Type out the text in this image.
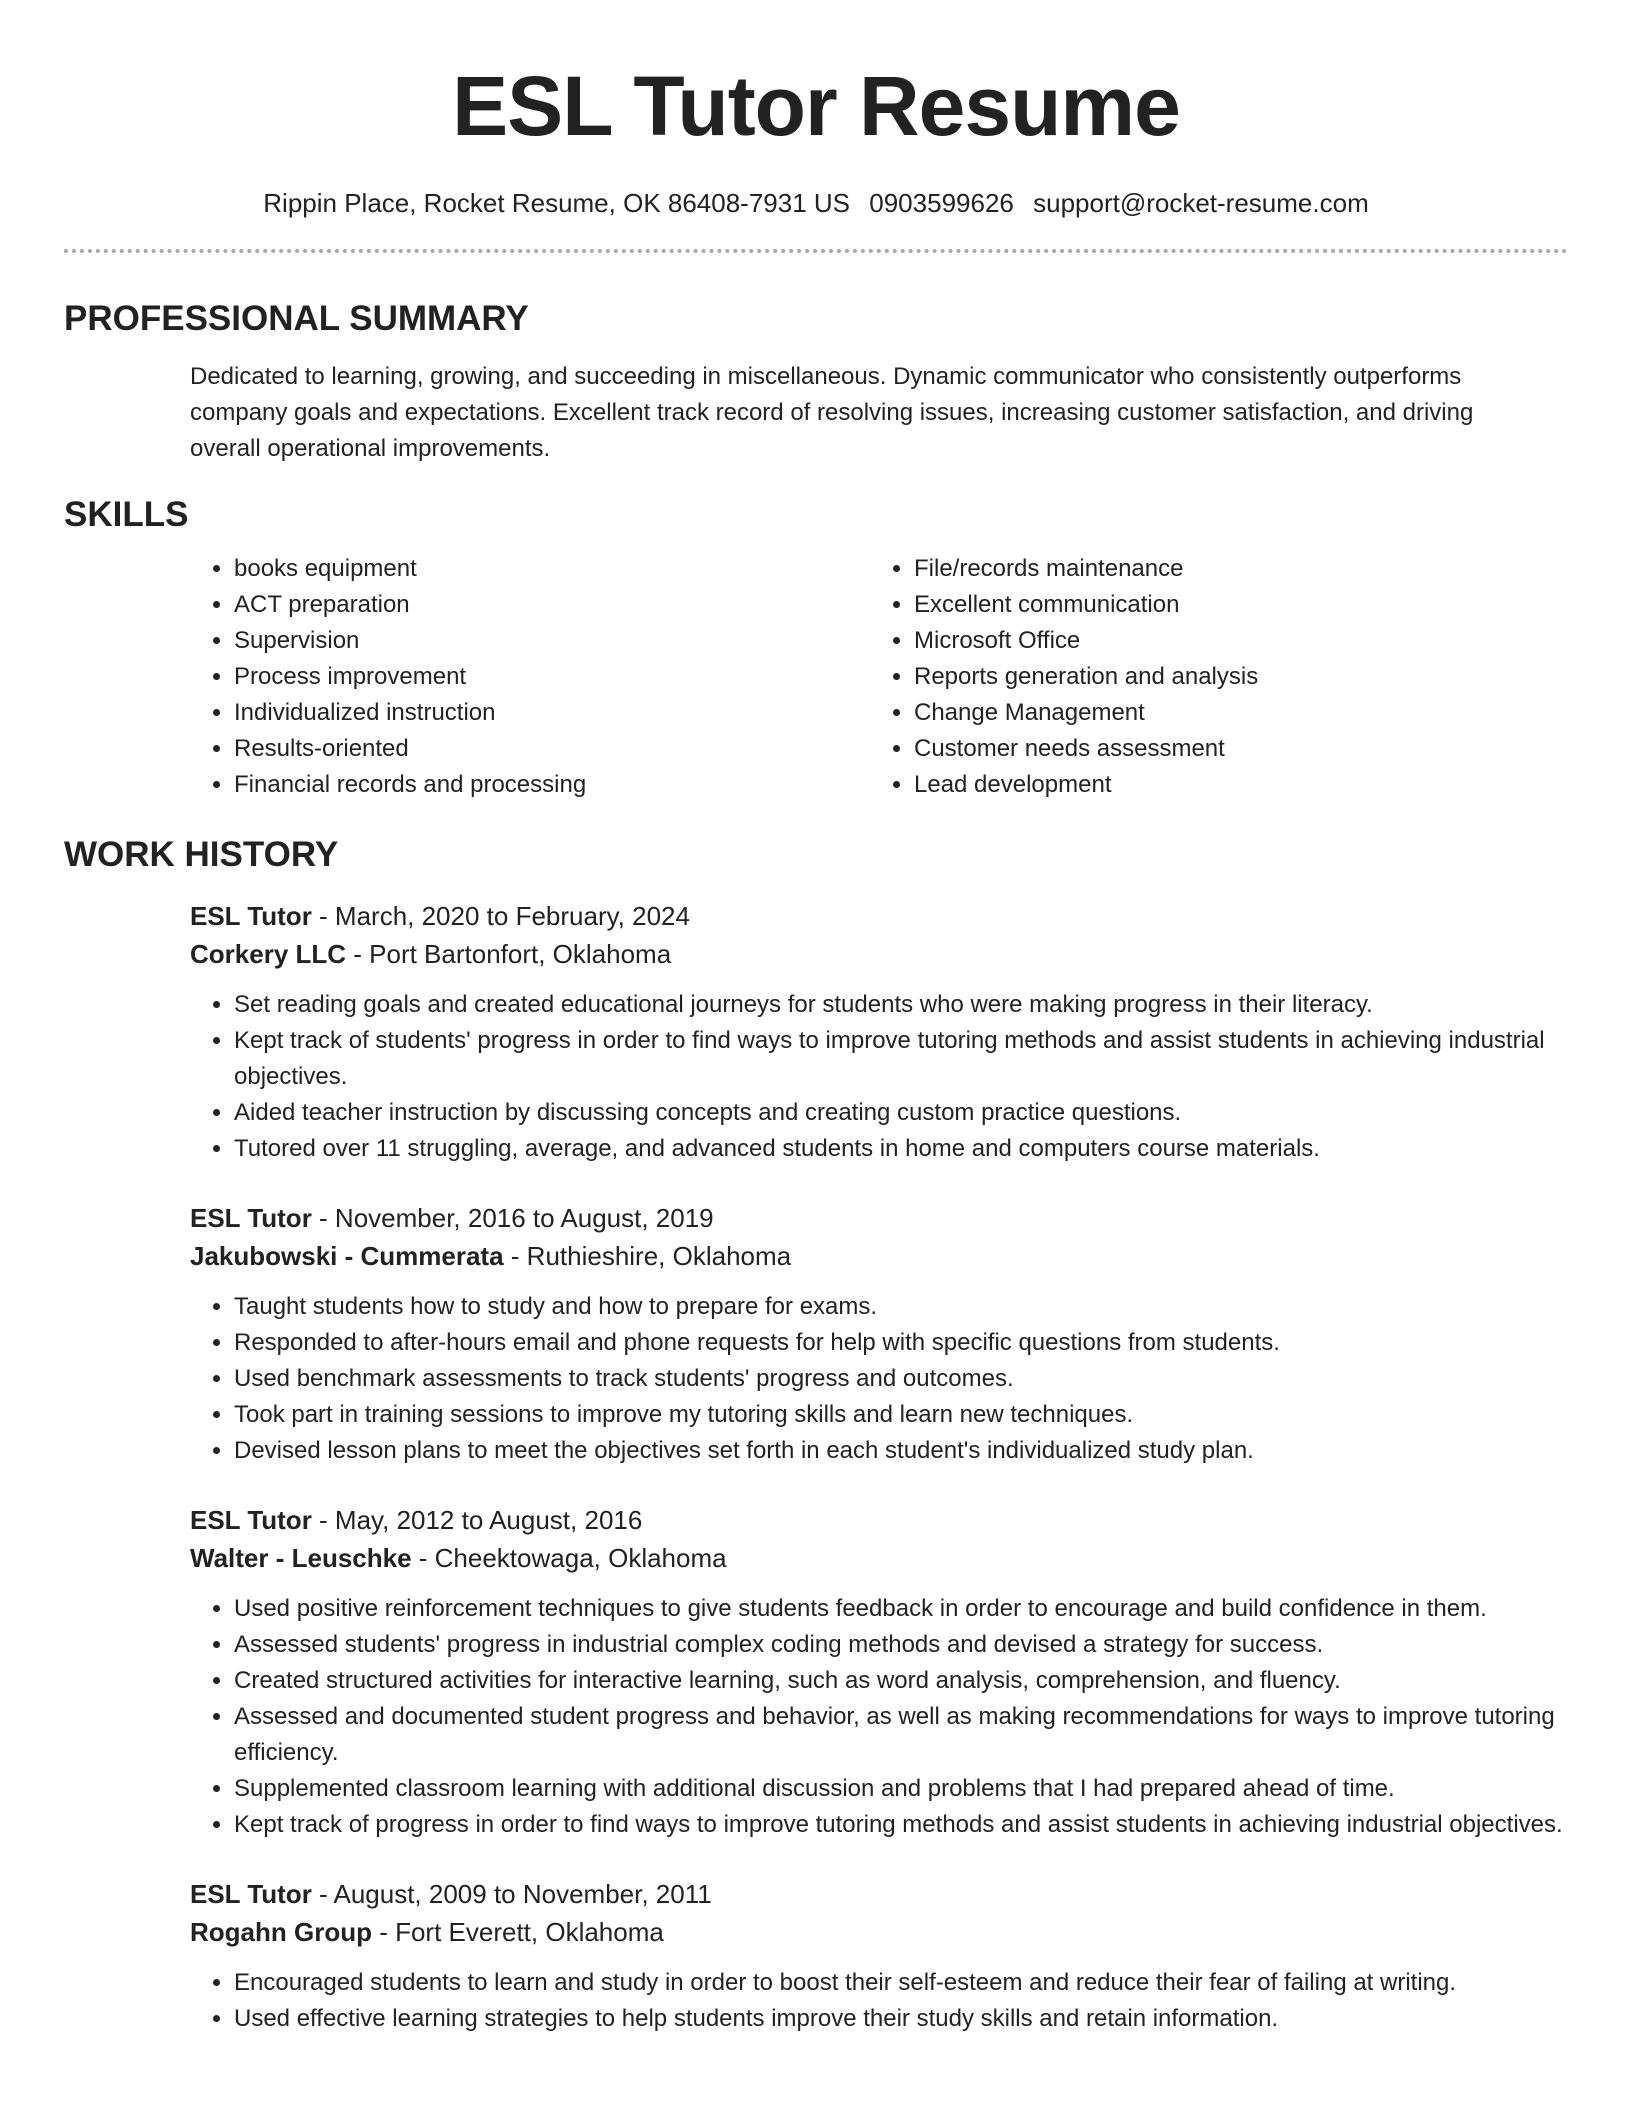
ESL Tutor Resume
Rippin Place, Rocket Resume, OK 86408-7931 US 0903599626 support@rocket-resume.com
PROFESSIONAL SUMMARY

Dedicated to learning, growing, and succeeding in miscellaneous. Dynamic communicator who consistently outperforms company goals and expectations. Excellent track record of resolving issues, increasing customer satisfaction, and driving overall operational improvements.

SKILLS
• books equipment
• ACT preparation
• Supervision
• Process improvement
• Individualized instruction
• Results-oriented
• Financial records and processing
• File/records maintenance
• Excellent communication
• Microsoft Office
• Reports generation and analysis
• Change Management
• Customer needs assessment
• Lead development
WORK HISTORY
ESL Tutor - March, 2020 to February, 2024
Corkery LLC - Port Bartonfort, Oklahoma
• Set reading goals and created educational journeys for students who were making progress in their literacy.
• Kept track of students' progress in order to find ways to improve tutoring methods and assist students in achieving industrial objectives.
• Aided teacher instruction by discussing concepts and creating custom practice questions.
• Tutored over 11 struggling, average, and advanced students in home and computers course materials.
ESL Tutor - November, 2016 to August, 2019
Jakubowski - Cummerata - Ruthieshire, Oklahoma
• Taught students how to study and how to prepare for exams.
• Responded to after-hours email and phone requests for help with specific questions from students.
• Used benchmark assessments to track students' progress and outcomes.
• Took part in training sessions to improve my tutoring skills and learn new techniques.
• Devised lesson plans to meet the objectives set forth in each student's individualized study plan.
ESL Tutor - May, 2012 to August, 2016
Walter - Leuschke - Cheektowaga, Oklahoma
• Used positive reinforcement techniques to give students feedback in order to encourage and build confidence in them.
• Assessed students' progress in industrial complex coding methods and devised a strategy for success.
• Created structured activities for interactive learning, such as word analysis, comprehension, and fluency.
• Assessed and documented student progress and behavior, as well as making recommendations for ways to improve tutoring efficiency.
• Supplemented classroom learning with additional discussion and problems that I had prepared ahead of time.
• Kept track of progress in order to find ways to improve tutoring methods and assist students in achieving industrial objectives.
ESL Tutor - August, 2009 to November, 2011
Rogahn Group - Fort Everett, Oklahoma
• Encouraged students to learn and study in order to boost their self-esteem and reduce their fear of failing at writing.
• Used effective learning strategies to help students improve their study skills and retain information.
